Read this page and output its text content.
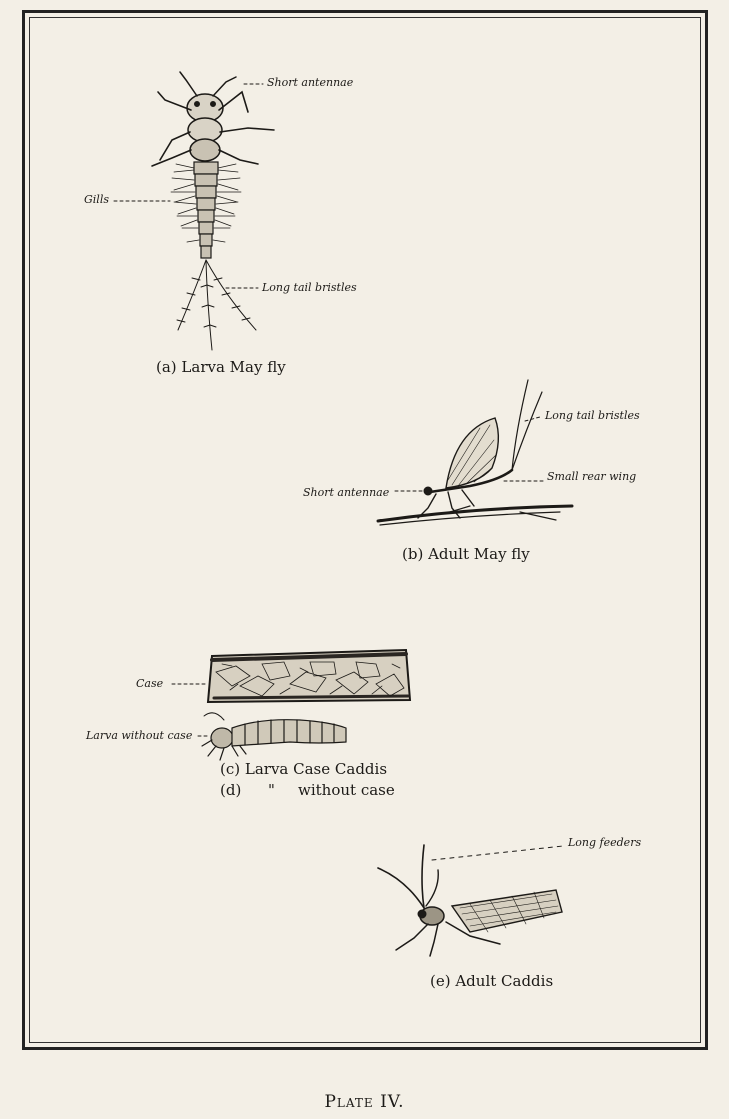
Short antennae
Gills
Long tail bristles
(a) Larva May fly
Long tail bristles
Small rear wing
Short antennae
(b) Adult May fly
Case
Larva without case
(c) Larva Case Caddis
(d) " without case
Long feeders
(e) Adult Caddis
Plate IV.
